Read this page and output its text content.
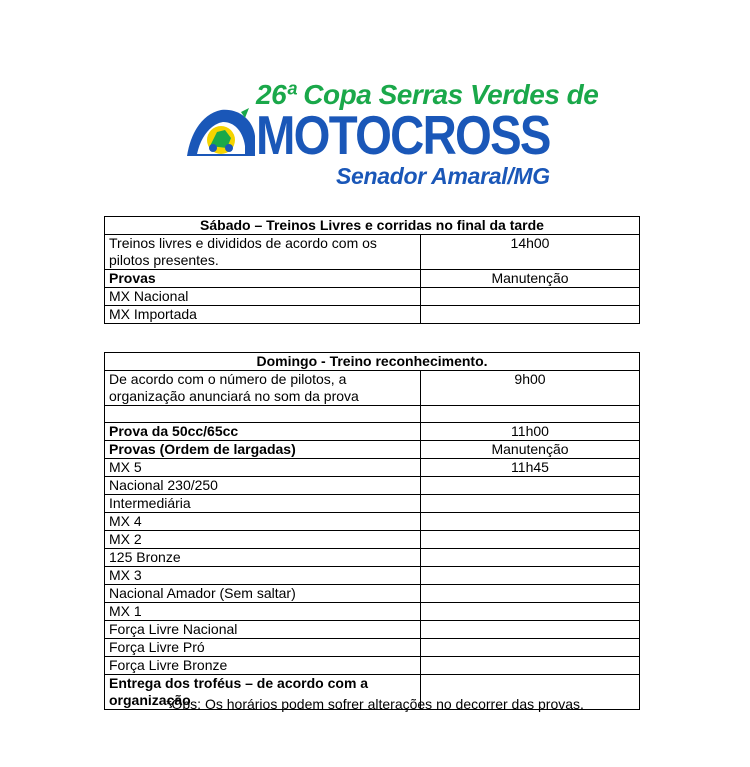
26ª Copa Serras Verdes de
MOTOCROSS
Senador Amaral/MG
Sábado – Treinos Livres e corridas no final da tarde	
Treinos livres e divididos de acordo com os pilotos presentes.	14h00
Provas	Manutenção
MX Nacional	
MX Importada	
Domingo - Treino reconhecimento.	
De acordo com o número de pilotos, a organização anunciará no som da prova	9h00

Prova da 50cc/65cc	11h00
Provas (Ordem de largadas)	Manutenção
MX 5	11h45
Nacional 230/250	
Intermediária	
MX 4	
MX 2	
125 Bronze	
MX 3	
Nacional Amador (Sem saltar)	
MX 1	
Força Livre Nacional	
Força Livre Pró	
Força Livre Bronze	
Entrega dos troféus – de acordo com a organização	
*Obs: Os horários podem sofrer alterações no decorrer das provas.
